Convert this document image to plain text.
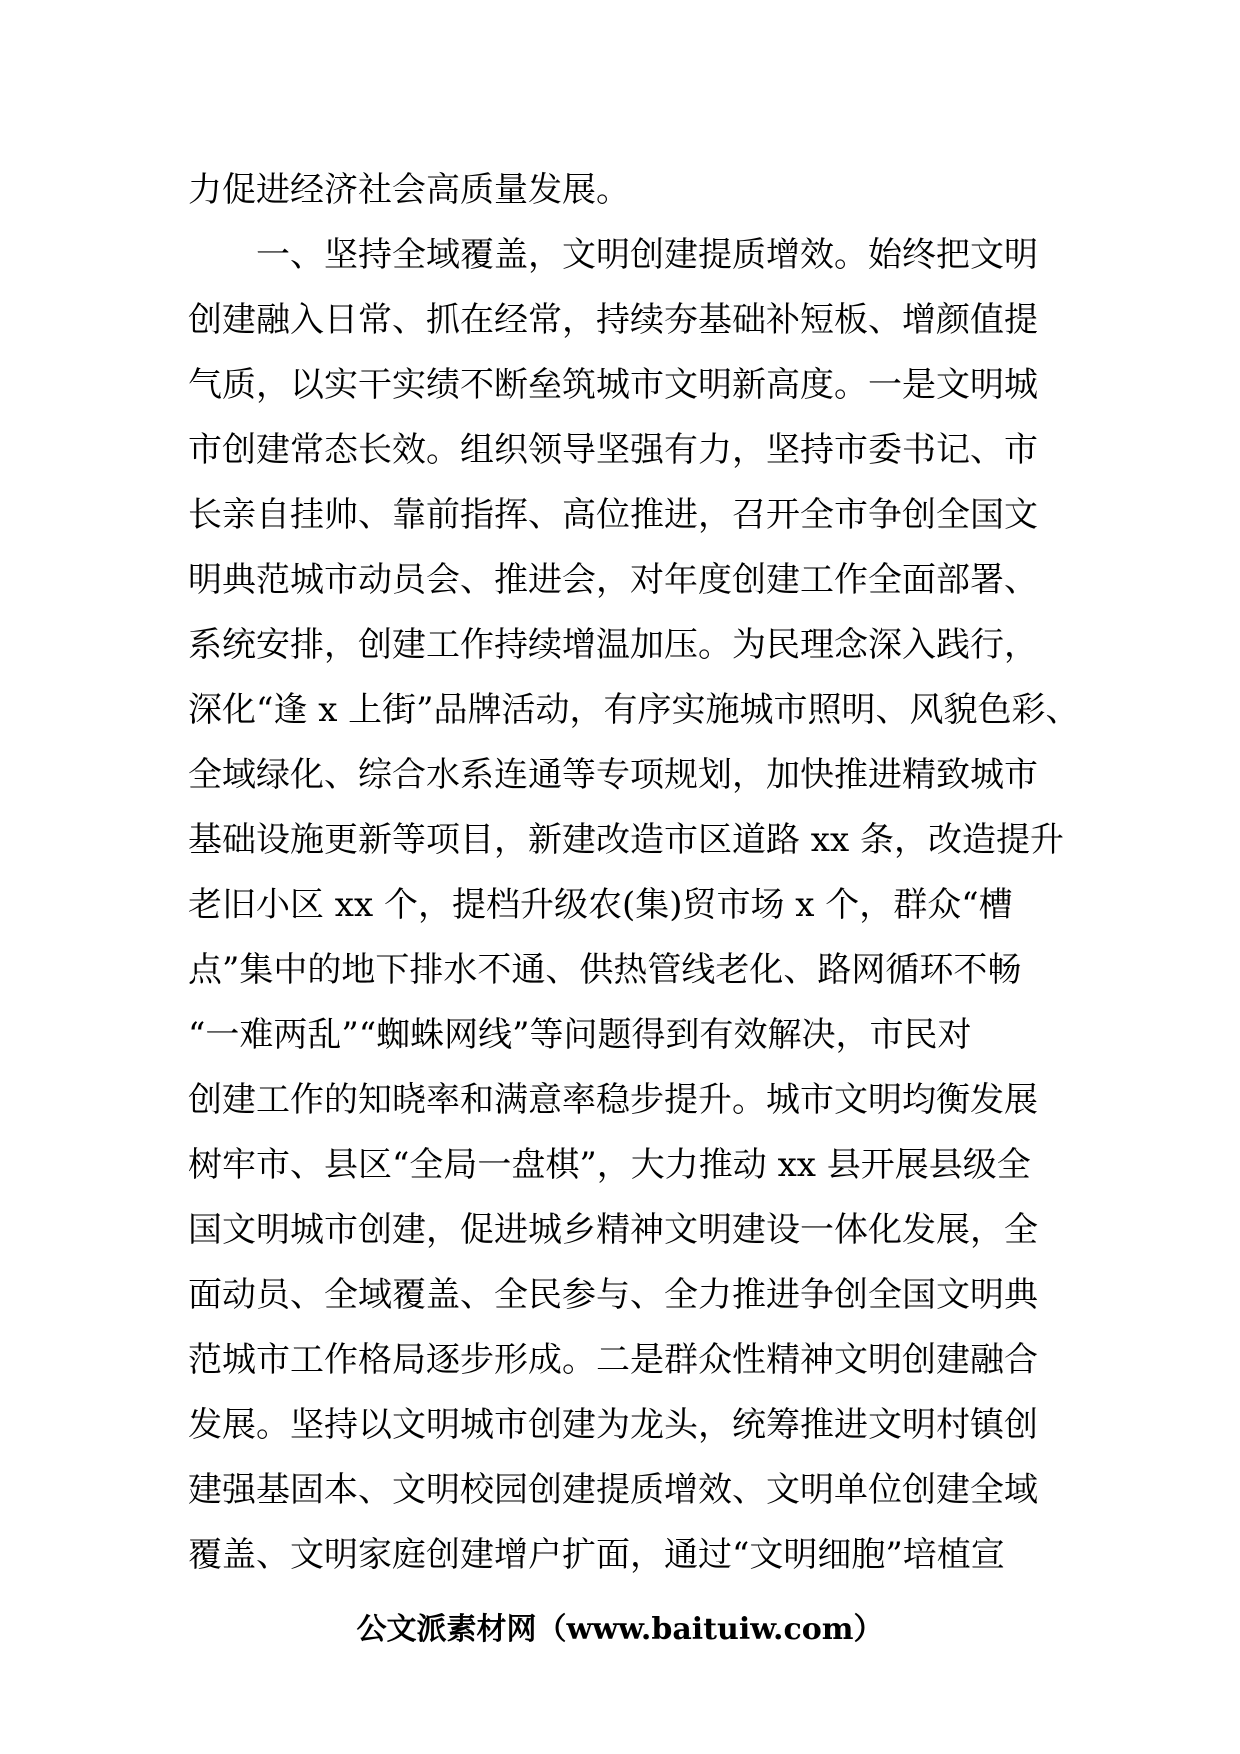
力促进经济社会高质量发展。
　　一、坚持全域覆盖，文明创建提质增效。始终把文明
创建融入日常、抓在经常，持续夯基础补短板、增颜值提
气质，以实干实绩不断垒筑城市文明新高度。一是文明城
市创建常态长效。组织领导坚强有力，坚持市委书记、市
长亲自挂帅、靠前指挥、高位推进，召开全市争创全国文
明典范城市动员会、推进会，对年度创建工作全面部署、
系统安排，创建工作持续增温加压。为民理念深入践行，
深化“逢 x 上街”品牌活动，有序实施城市照明、风貌色彩、
全域绿化、综合水系连通等专项规划，加快推进精致城市
基础设施更新等项目，新建改造市区道路 xx 条，改造提升
老旧小区 xx 个，提档升级农(集)贸市场 x 个，群众“槽
点”集中的地下排水不通、供热管线老化、路网循环不畅
“一难两乱”“蜘蛛网线”等问题得到有效解决，市民对
创建工作的知晓率和满意率稳步提升。城市文明均衡发展
树牢市、县区“全局一盘棋”，大力推动 xx 县开展县级全
国文明城市创建，促进城乡精神文明建设一体化发展，全
面动员、全域覆盖、全民参与、全力推进争创全国文明典
范城市工作格局逐步形成。二是群众性精神文明创建融合
发展。坚持以文明城市创建为龙头，统筹推进文明村镇创
建强基固本、文明校园创建提质增效、文明单位创建全域
覆盖、文明家庭创建增户扩面，通过“文明细胞”培植宣
公文派素材网（www.baituiw.com）
